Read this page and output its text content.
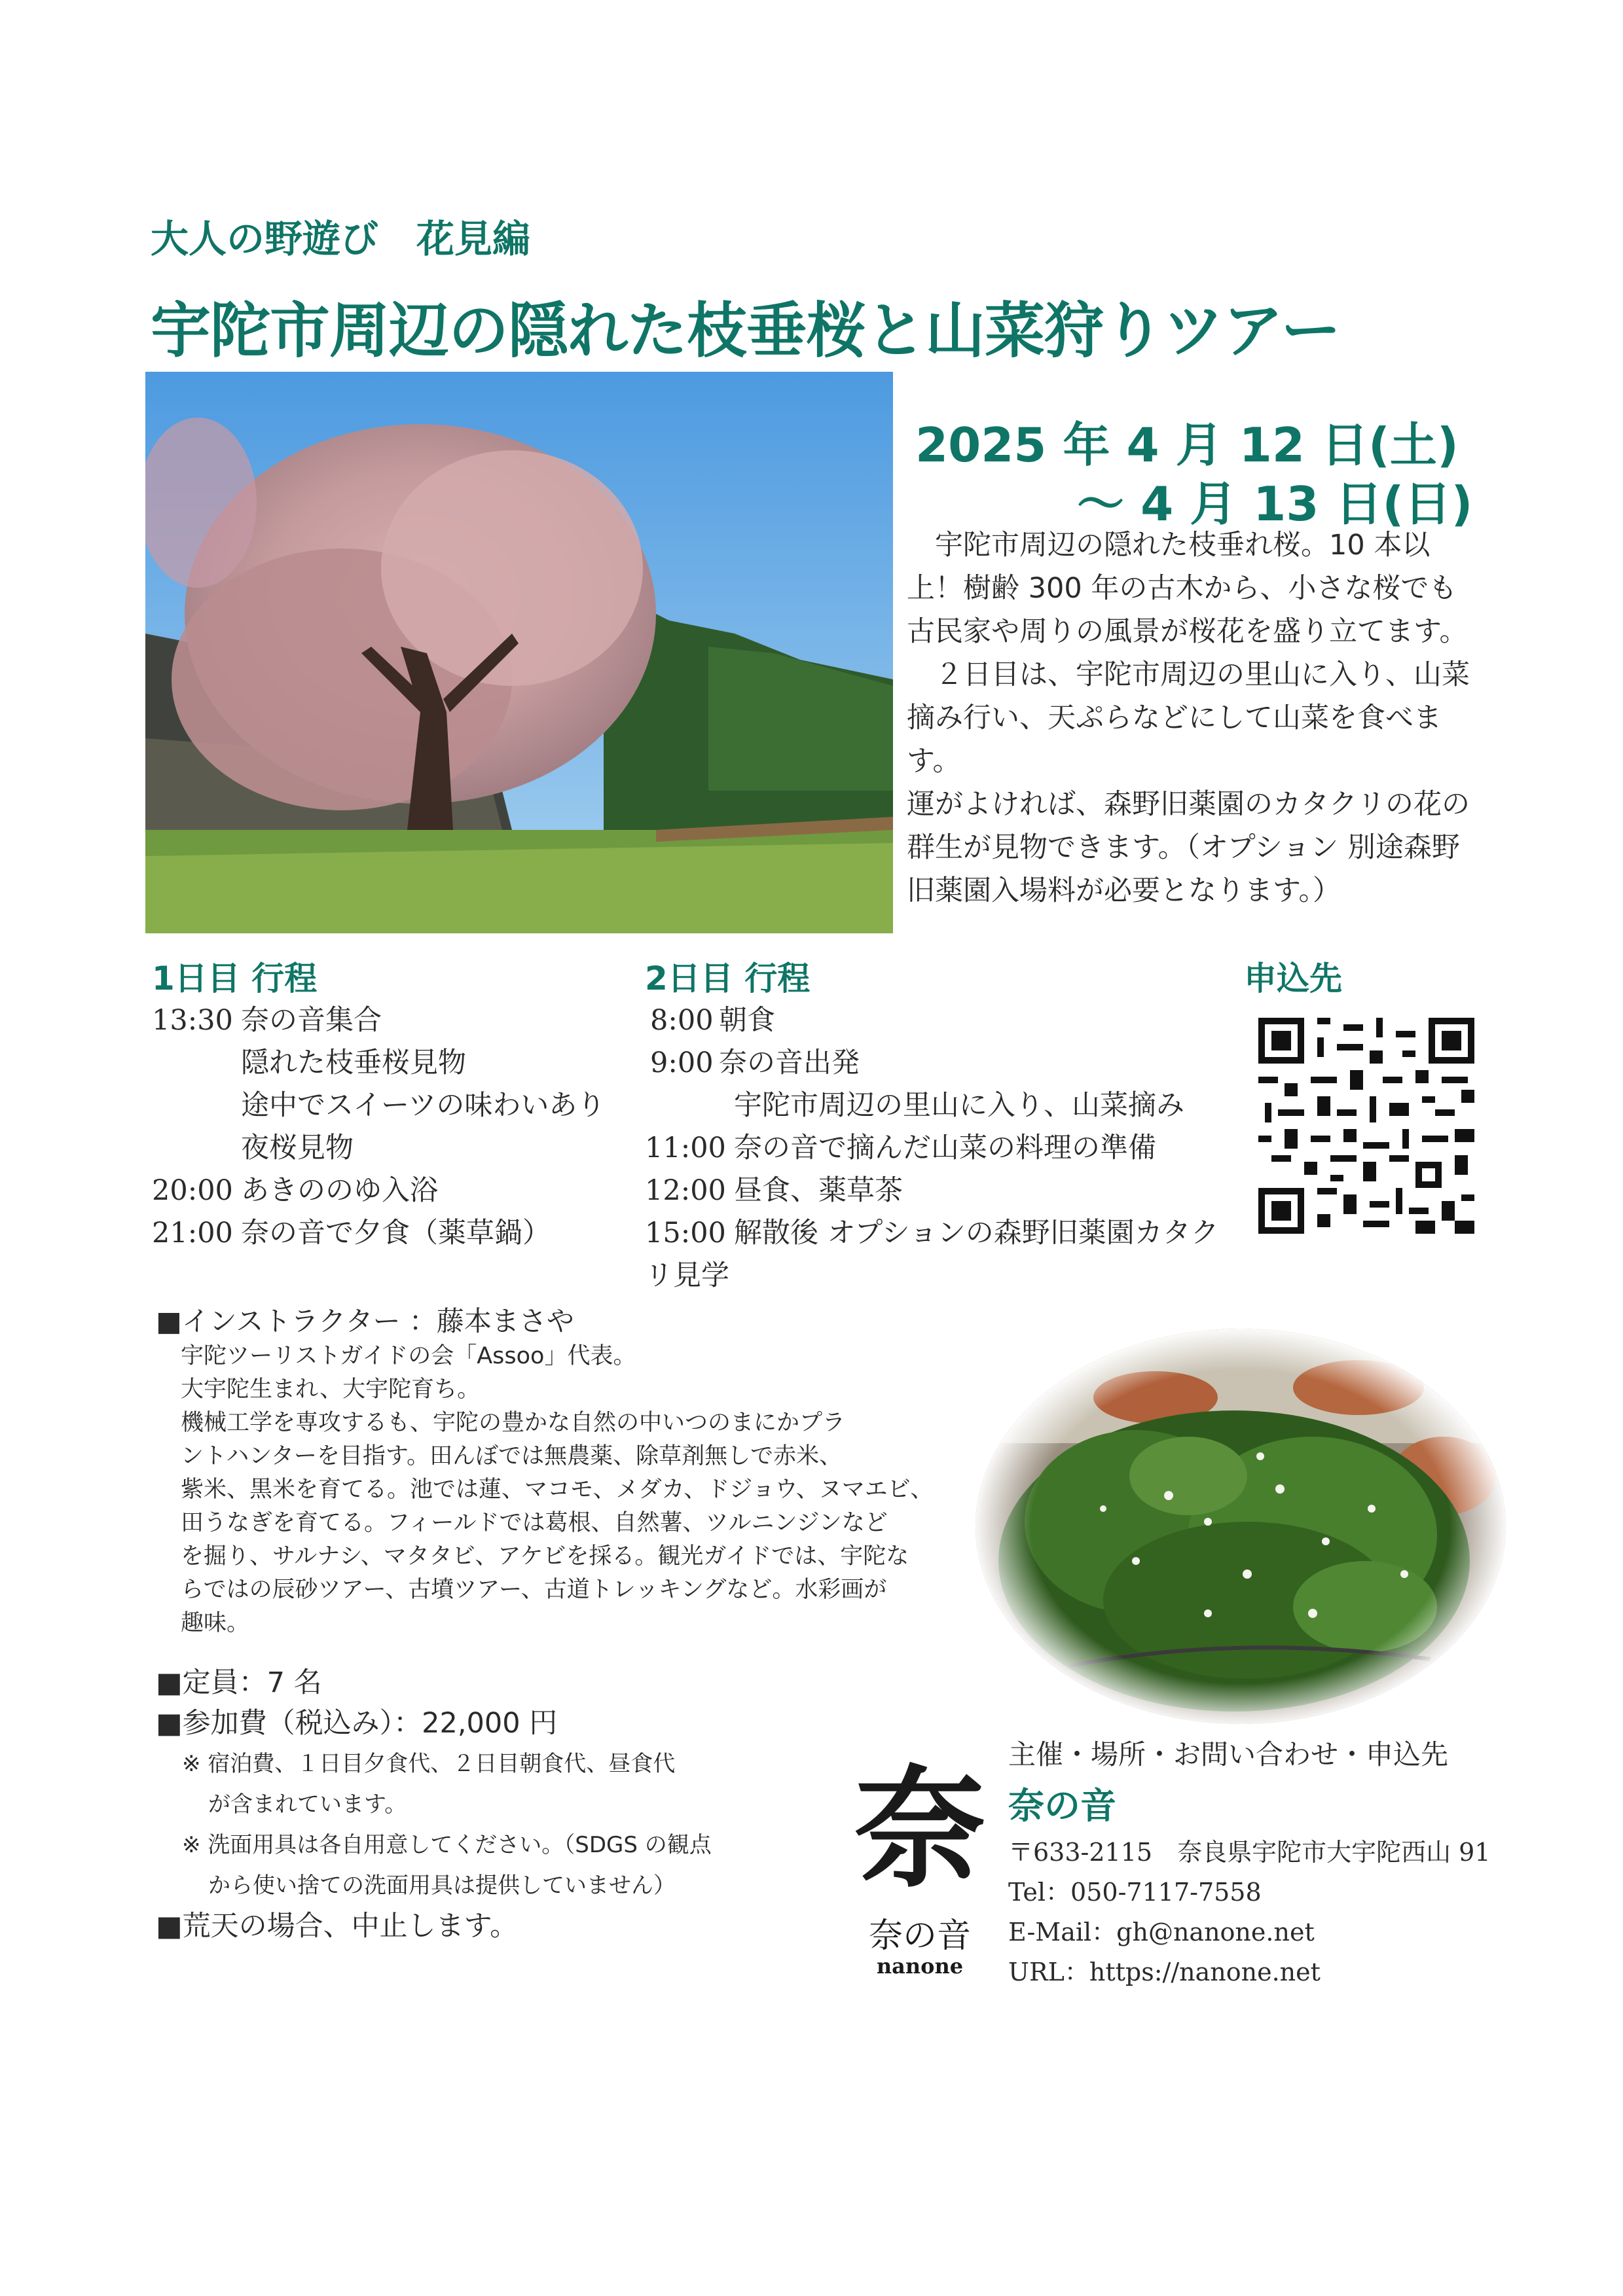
大人の野遊び　花見編
宇陀市周辺の隠れた枝垂桜と山菜狩りツアー
2025 年 4 月 12 日(土)
～ 4 月 13 日(日)

　宇陀市周辺の隠れた枝垂れ桜。10 本以上！樹齢 300 年の古木から、小さな桜でも古民家や周りの風景が桜花を盛り立てます。

　２日目は、宇陀市周辺の里山に入り、山菜摘み行い、天ぷらなどにして山菜を食べます。

運がよければ、森野旧薬園のカタクリの花の群生が見物できます。（オプション 別途森野旧薬園入場料が必要となります。）

1日目 行程
13:30 奈の音集合
隠れた枝垂桜見物
途中でスイーツの味わいあり
夜桜見物
20:00 あきののゆ入浴
21:00 奈の音で夕食（薬草鍋）
2日目 行程
8:00 朝食
9:00 奈の音出発
宇陀市周辺の里山に入り、山菜摘み
11:00 奈の音で摘んだ山菜の料理の準備
12:00 昼食、薬草茶
15:00 解散後 オプションの森野旧薬園カタク
リ見学
申込先

■インストラクター ：藤本まさや

宇陀ツーリストガイドの会「Assoo」代表。

大宇陀生まれ、大宇陀育ち。

機械工学を専攻するも、宇陀の豊かな自然の中いつのまにかプラ

ントハンターを目指す。田んぼでは無農薬、除草剤無しで赤米、

紫米、黒米を育てる。池では蓮、マコモ、メダカ、ドジョウ、ヌマエビ、

田うなぎを育てる。フィールドでは葛根、自然薯、ツルニンジンなど

を掘り、サルナシ、マタタビ、アケビを採る。観光ガイドでは、宇陀な

らではの辰砂ツアー、古墳ツアー、古道トレッキングなど。水彩画が

趣味。

■定員：7 名

■参加費（税込み）：22,000 円

※ 宿泊費、１日目夕食代、２日目朝食代、昼食代

が含まれています。

※ 洗面用具は各自用意してください。（SDGS の観点

から使い捨ての洗面用具は提供していません）

■荒天の場合、中止します。

奈
奈の音
nanone
主催・場所・お問い合わせ・申込先
奈の音

〒633-2115　奈良県宇陀市大宇陀西山 91

Tel：050-7117-7558

E-Mail：gh@nanone.net

URL：https://nanone.net
